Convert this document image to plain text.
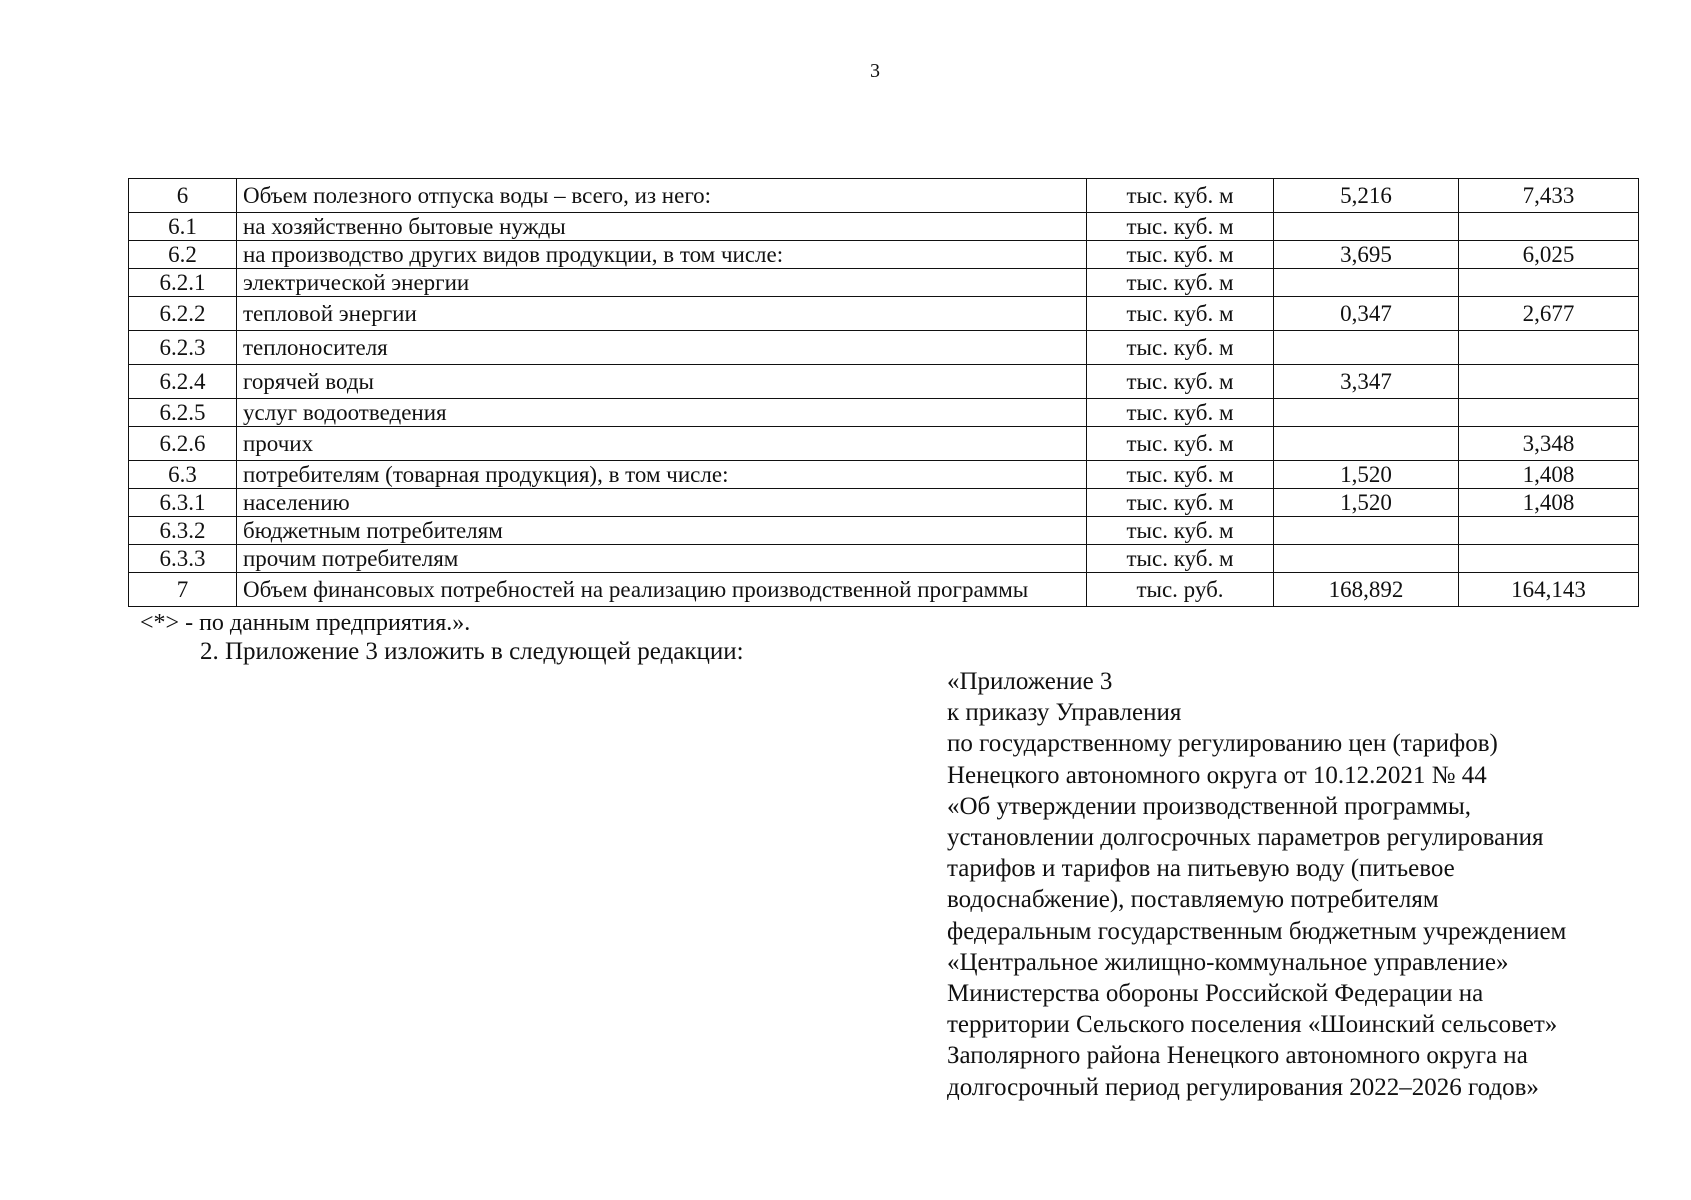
3
6	Объем полезного отпуска воды – всего, из него:	тыс. куб. м	5,216	7,433
6.1	на хозяйственно бытовые нужды	тыс. куб. м		
6.2	на производство других видов продукции, в том числе:	тыс. куб. м	3,695	6,025
6.2.1	электрической энергии	тыс. куб. м		
6.2.2	тепловой энергии	тыс. куб. м	0,347	2,677
6.2.3	теплоносителя	тыс. куб. м		
6.2.4	горячей воды	тыс. куб. м	3,347	
6.2.5	услуг водоотведения	тыс. куб. м		
6.2.6	прочих	тыс. куб. м		3,348
6.3	потребителям (товарная продукция), в том числе:	тыс. куб. м	1,520	1,408
6.3.1	населению	тыс. куб. м	1,520	1,408
6.3.2	бюджетным потребителям	тыс. куб. м		
6.3.3	прочим потребителям	тыс. куб. м		
7	Объем финансовых потребностей на реализацию производственной программы	тыс. руб.	168,892	164,143
<*> - по данным предприятия.».
2. Приложение 3 изложить в следующей редакции:
«Приложение 3
к приказу Управления
по государственному регулированию цен (тарифов)
Ненецкого автономного округа от 10.12.2021 № 44
«Об утверждении производственной программы,
установлении долгосрочных параметров регулирования
тарифов и тарифов на питьевую воду (питьевое
водоснабжение), поставляемую потребителям
федеральным государственным бюджетным учреждением
«Центральное жилищно-коммунальное управление»
Министерства обороны Российской Федерации на
территории Сельского поселения «Шоинский сельсовет»
Заполярного района Ненецкого автономного округа на
долгосрочный период регулирования 2022–2026 годов»
